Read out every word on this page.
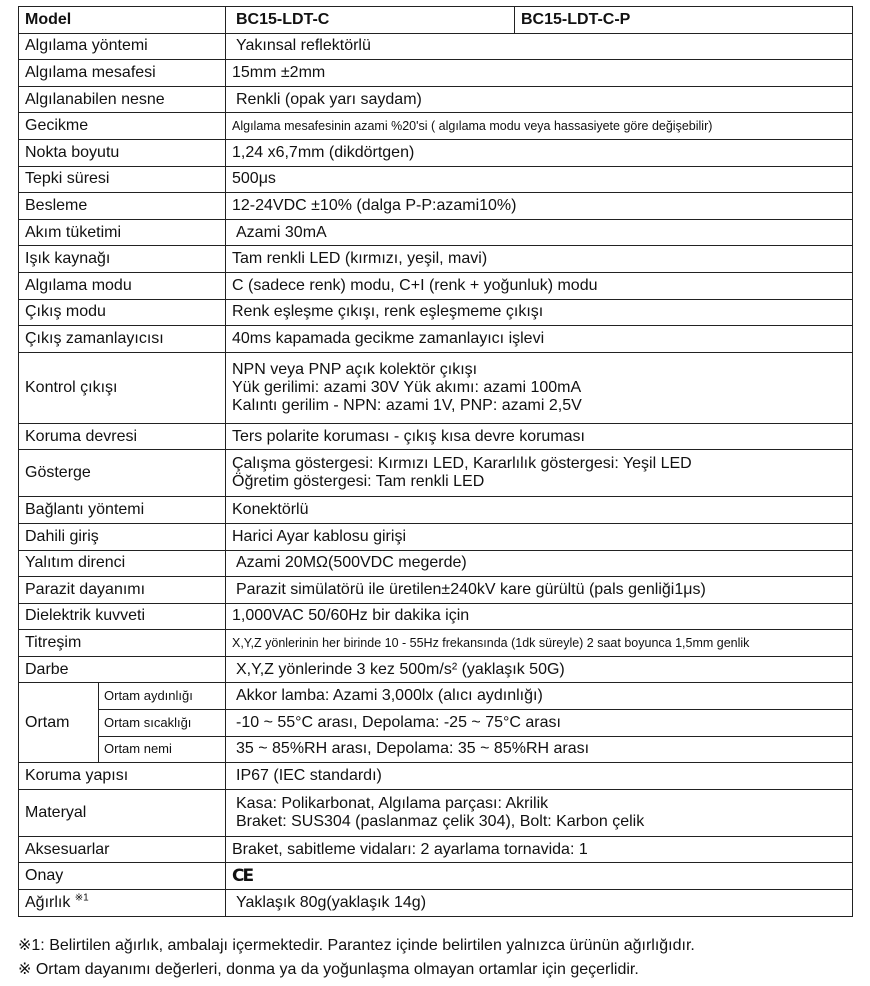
Model		BC15-LDT-C	BC15-LDT-C-P
Algılama yöntemi		Yakınsal reflektörlü	
Algılama mesafesi		15mm ±2mm	
Algılanabilen nesne		Renkli (opak yarı saydam)	
Gecikme		Algılama mesafesinin azami %20'si ( algılama modu veya hassasiyete göre değişebilir)	
Nokta boyutu		1,24 x6,7mm (dikdörtgen)	
Tepki süresi		500μs	
Besleme		12-24VDC ±10% (dalga P-P:azami10%)	
Akım tüketimi		Azami 30mA	
Işık kaynağı		Tam renkli LED (kırmızı, yeşil, mavi)	
Algılama modu		C (sadece renk) modu, C+I (renk + yoğunluk) modu	
Çıkış modu		Renk eşleşme çıkışı, renk eşleşmeme çıkışı	
Çıkış zamanlayıcısı		40ms kapamada gecikme zamanlayıcı işlevi	
Kontrol çıkışı		NPN veya PNP açık kolektör çıkışı
Yük gerilimi: azami 30V Yük akımı: azami 100mA
Kalıntı gerilim - NPN: azami 1V, PNP: azami 2,5V	

Koruma devresi		Ters polarite koruması - çıkış kısa devre koruması	
Gösterge		Çalışma göstergesi: Kırmızı LED, Kararlılık göstergesi: Yeşil LED
Öğretim göstergesi: Tam renkli LED	

Bağlantı yöntemi		Konektörlü	
Dahili giriş		Harici Ayar kablosu girişi	
Yalıtım direnci		Azami 20MΩ(500VDC megerde)	
Parazit dayanımı		Parazit simülatörü ile üretilen±240kV kare gürültü (pals genliği1μs)	
Dielektrik kuvveti		1,000VAC 50/60Hz bir dakika için	
Titreşim		X,Y,Z yönlerinin her birinde 10 - 55Hz frekansında (1dk süreyle) 2 saat boyunca 1,5mm genlik	
Darbe		X,Y,Z yönlerinde 3 kez 500m/s² (yaklaşık 50G)	
Ortam	Ortam aydınlığı	Akkor lamba: Azami 3,000lx (alıcı aydınlığı)	
	Ortam sıcaklığı	-10 ~ 55°C arası, Depolama: -25 ~ 75°C arası	
	Ortam nemi	35 ~ 85%RH arası, Depolama: 35 ~ 85%RH arası	
Koruma yapısı		IP67 (IEC standardı)	
Materyal		Kasa: Polikarbonat, Algılama parçası: Akrilik
Braket: SUS304 (paslanmaz çelik 304), Bolt: Karbon çelik	

Aksesuarlar		Braket, sabitleme vidaları: 2 ayarlama tornavida: 1	
Onay		CE	
Ağırlık $^{※1}$		Yaklaşık 80g(yaklaşık 14g)	
※1: Belirtilen ağırlık, ambalajı içermektedir. Parantez içinde belirtilen yalnızca ürünün ağırlığıdır.
※ Ortam dayanımı değerleri, donma ya da yoğunlaşma olmayan ortamlar için geçerlidir.
